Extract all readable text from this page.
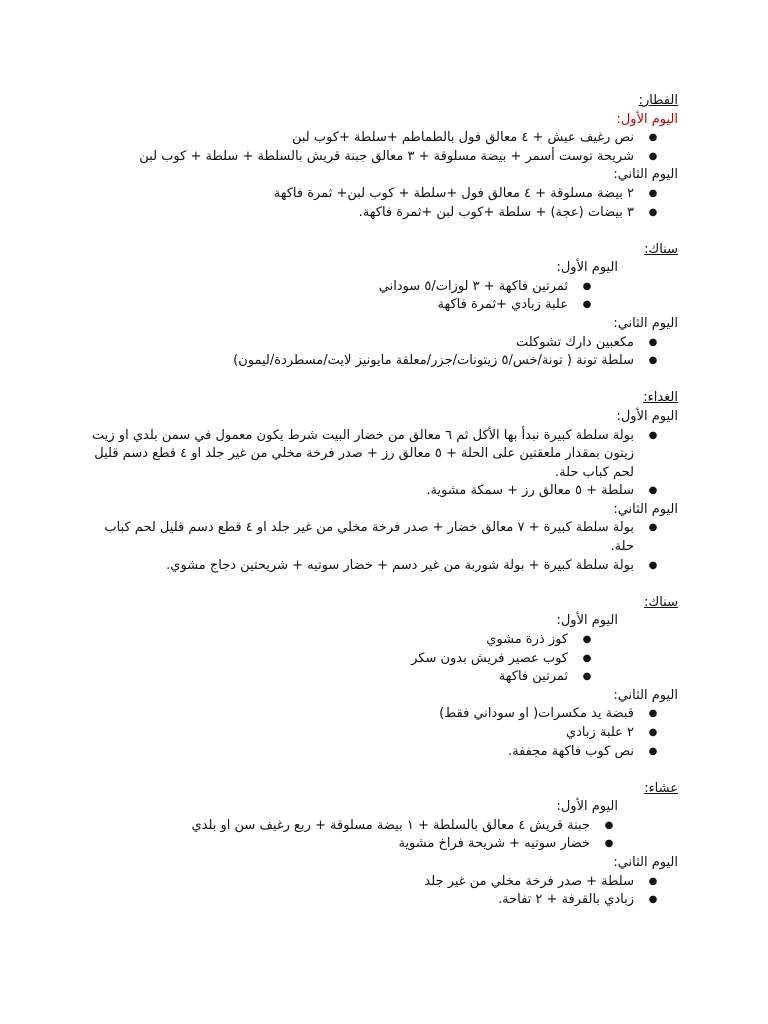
الفطار:
اليوم الأول:
●
نص رغيف عيش + ٤ معالق فول بالطماطم +سلطة +كوب لبن
●
شريحة توست أسمر + بيضة مسلوقة + ٣ معالق جبنة قريش بالسلطة + سلطة + كوب لبن
اليوم الثاني:
●
٢ بيضة مسلوقة + ٤ معالق فول +سلطة + كوب لبن+ ثمرة فاكهة
●
٣ بيضات (عجة) + سلطة +كوب لبن +ثمرة فاكهة.
سناك:
اليوم الأول:
●
ثمرتين فاكهة + ٣ لوزات/٥ سوداني
●
علبة زبادي +ثمرة فاكهة
اليوم الثاني:
●
مكعبين دارك تشوكلت
●
سلطة تونة ( تونة/خس/٥ زيتونات/جزر/معلقة مايونيز لايت/مسطردة/ليمون)
الغداء:
اليوم الأول:
●
بولة سلطة كبيرة نبدأ بها الأكل ثم ٦ معالق من خضار البيت شرط يكون معمول في سمن بلدي او زيت زيتون بمقدار ملعقتين على الحلة + ٥ معالق رز + صدر فرخة مخلي من غير جلد او ٤ قطع دسم قليل لحم كباب حلة.
●
سلطة + ٥ معالق رز + سمكة مشوية.
اليوم الثاني:
●
بولة سلطة كبيرة + ٧ معالق خضار + صدر فرخة مخلي من غير جلد او ٤ قطع دسم قليل لحم كباب حلة.
●
بولة سلطة كبيرة + بولة شوربة من غير دسم + خضار سوتيه + شريحتين دجاج مشوي.
سناك:
اليوم الأول:
●
كوز ذرة مشوي
●
كوب عصير فريش بدون سكر
●
ثمرتين فاكهة
اليوم الثاني:
●
قبضة يد مكسرات( او سوداني فقط)
●
٢ علبة زبادي
●
نص كوب فاكهة مجففة.
عشاء:
اليوم الأول:
●
جبنة قريش ٤ معالق بالسلطة + ١ بيضة مسلوقة + ربع رغيف سن او بلدي
●
خضار سوتيه + شريحة فراخ مشوية
اليوم الثاني:
●
سلطة + صدر فرخة مخلي من غير جلد
●
زبادي بالقرفة + ٢ تفاحة.
